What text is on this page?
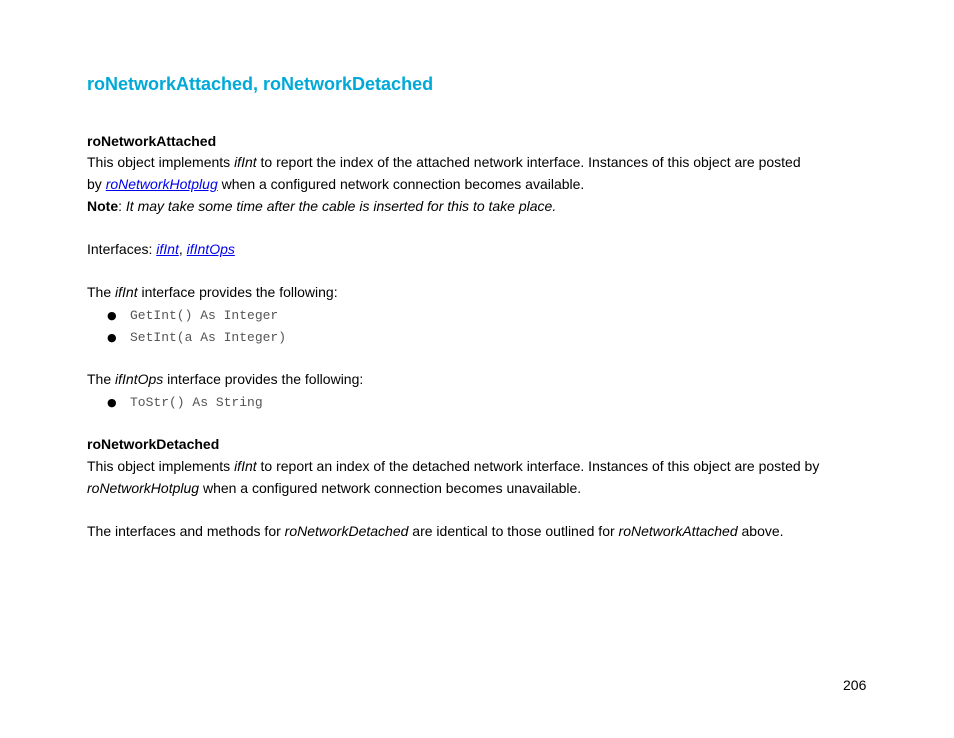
roNetworkAttached, roNetworkDetached
roNetworkAttached
This object implements ifInt to report the index of the attached network interface. Instances of this object are posted
by roNetworkHotplug when a configured network connection becomes available.
Note: It may take some time after the cable is inserted for this to take place.
Interfaces: ifInt, ifIntOps
The ifInt interface provides the following:
● GetInt() As Integer
● SetInt(a As Integer)
The ifIntOps interface provides the following:
● ToStr() As String
roNetworkDetached
This object implements ifInt to report an index of the detached network interface. Instances of this object are posted by
roNetworkHotplug when a configured network connection becomes unavailable.
The interfaces and methods for roNetworkDetached are identical to those outlined for roNetworkAttached above.
206
